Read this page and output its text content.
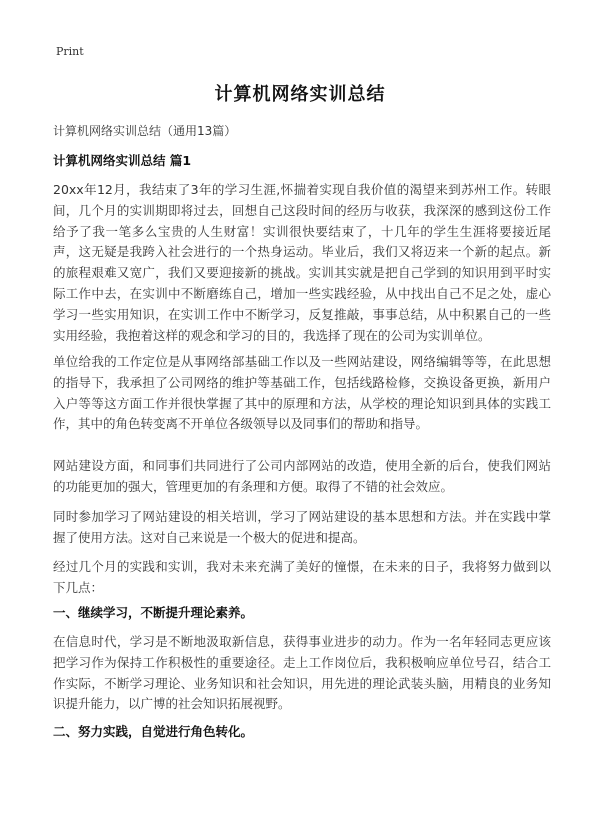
Print
计算机网络实训总结
计算机网络实训总结（通用13篇）
计算机网络实训总结 篇1

20xx年12月，我结束了3年的学习生涯,怀揣着实现自我价值的渴望来到苏州工作。转眼间，几个月的实训期即将过去，回想自己这段时间的经历与收获，我深深的感到这份工作给予了我一笔多么宝贵的人生财富！实训很快要结束了，十几年的学生生涯将要接近尾声，这无疑是我跨入社会进行的一个热身运动。毕业后，我们又将迈来一个新的起点。新的旅程艰难又宽广，我们又要迎接新的挑战。实训其实就是把自己学到的知识用到平时实际工作中去，在实训中不断磨练自己，增加一些实践经验，从中找出自己不足之处，虚心学习一些实用知识，在实训工作中不断学习，反复推敲，事事总结，从中积累自己的一些实用经验，我抱着这样的观念和学习的目的，我选择了现在的公司为实训单位。

单位给我的工作定位是从事网络部基础工作以及一些网站建设，网络编辑等等，在此思想的指导下，我承担了公司网络的维护等基础工作，包括线路检修，交换设备更换，新用户入户等等这方面工作并很快掌握了其中的原理和方法，从学校的理论知识到具体的实践工作，其中的角色转变离不开单位各级领导以及同事们的帮助和指导。

网站建设方面，和同事们共同进行了公司内部网站的改造，使用全新的后台，使我们网站的功能更加的强大，管理更加的有条理和方便。取得了不错的社会效应。

同时参加学习了网站建设的相关培训，学习了网站建设的基本思想和方法。并在实践中掌握了使用方法。这对自己来说是一个极大的促进和提高。

经过几个月的实践和实训，我对未来充满了美好的憧憬，在未来的日子，我将努力做到以下几点：

一、继续学习，不断提升理论素养。

在信息时代，学习是不断地汲取新信息，获得事业进步的动力。作为一名年轻同志更应该把学习作为保持工作积极性的重要途径。走上工作岗位后，我积极响应单位号召，结合工作实际，不断学习理论、业务知识和社会知识，用先进的理论武装头脑，用精良的业务知识提升能力，以广博的社会知识拓展视野。

二、努力实践，自觉进行角色转化。
